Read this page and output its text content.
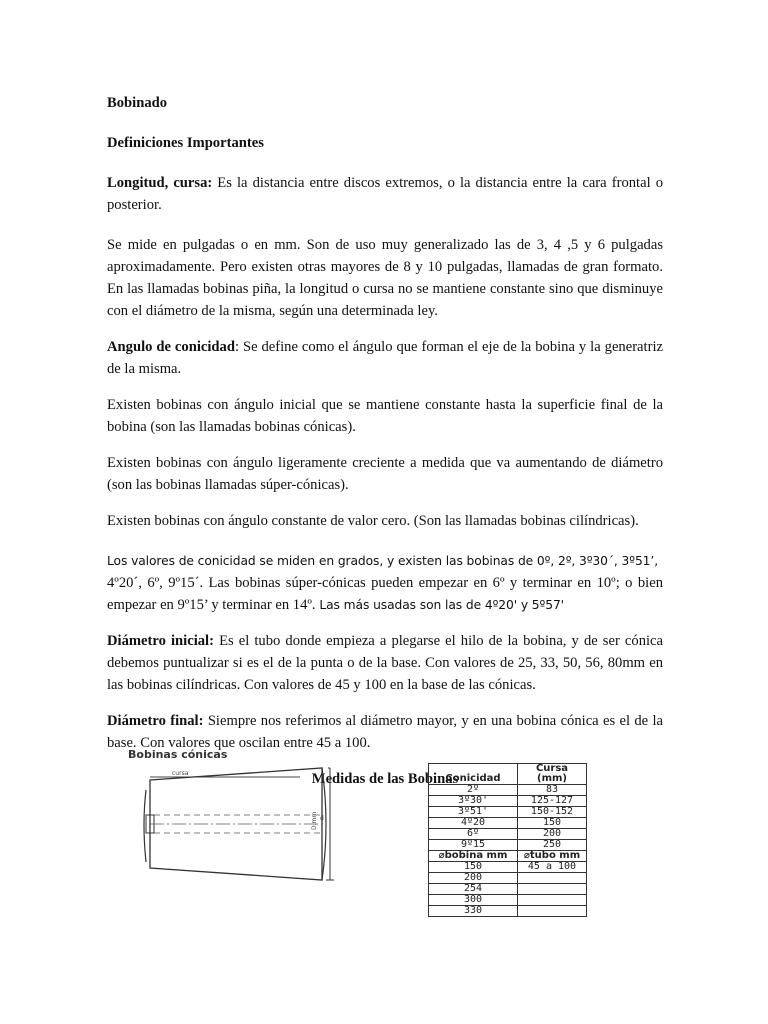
Bobinado

Definiciones Importantes

Longitud, cursa: Es la distancia entre discos extremos, o la distancia entre la cara frontal o posterior.

Se mide en pulgadas o en mm. Son de uso muy generalizado las de 3, 4 ,5 y 6 pulgadas aproximadamente. Pero existen otras mayores de 8 y 10 pulgadas, llamadas de gran formato. En las llamadas bobinas piña, la longitud o cursa no se mantiene constante sino que disminuye con el diámetro de la misma, según una determinada ley.

Angulo de conicidad: Se define como el ángulo que forman el eje de la bobina y la generatriz de la misma.

Existen bobinas con ángulo inicial que se mantiene constante hasta la superficie final de la bobina (son las llamadas bobinas cónicas).

Existen bobinas con ángulo ligeramente creciente a medida que va aumentando de diámetro (son las bobinas llamadas súper-cónicas).

Existen bobinas con ángulo constante de valor cero. (Son las llamadas bobinas cilíndricas).

Los valores de conicidad se miden en grados, y existen las bobinas de 0º, 2º, 3º30´, 3º51’,
4º20´, 6º, 9º15´. Las bobinas súper-cónicas pueden empezar en 6º y terminar en 10º; o bien empezar en 9º15’ y terminar en 14º. Las más usadas son las de 4º20' y 5º57'

Diámetro inicial: Es el tubo donde empieza a plegarse el hilo de la bobina, y de ser cónica debemos puntualizar si es el de la punta o de la base. Con valores de 25, 33, 50, 56, 80mm en las bobinas cilíndricas. Con valores de 45 y 100 en la base de las cónicas.

Diámetro final: Siempre nos referimos al diámetro mayor, y en una bobina cónica es el de la base. Con valores que oscilan entre 45 a 100.

Medidas de las Bobinas

Bobinas cónicas
cursa
D.mm d
Conicidad	Cursa (mm)
2º	83
3º30'	125-127
3º51'	150-152
4º20	150
6º	200
9º15	250
⌀bobina mm	⌀tubo mm
150	45 a 100
200	
254	
300	
330	
